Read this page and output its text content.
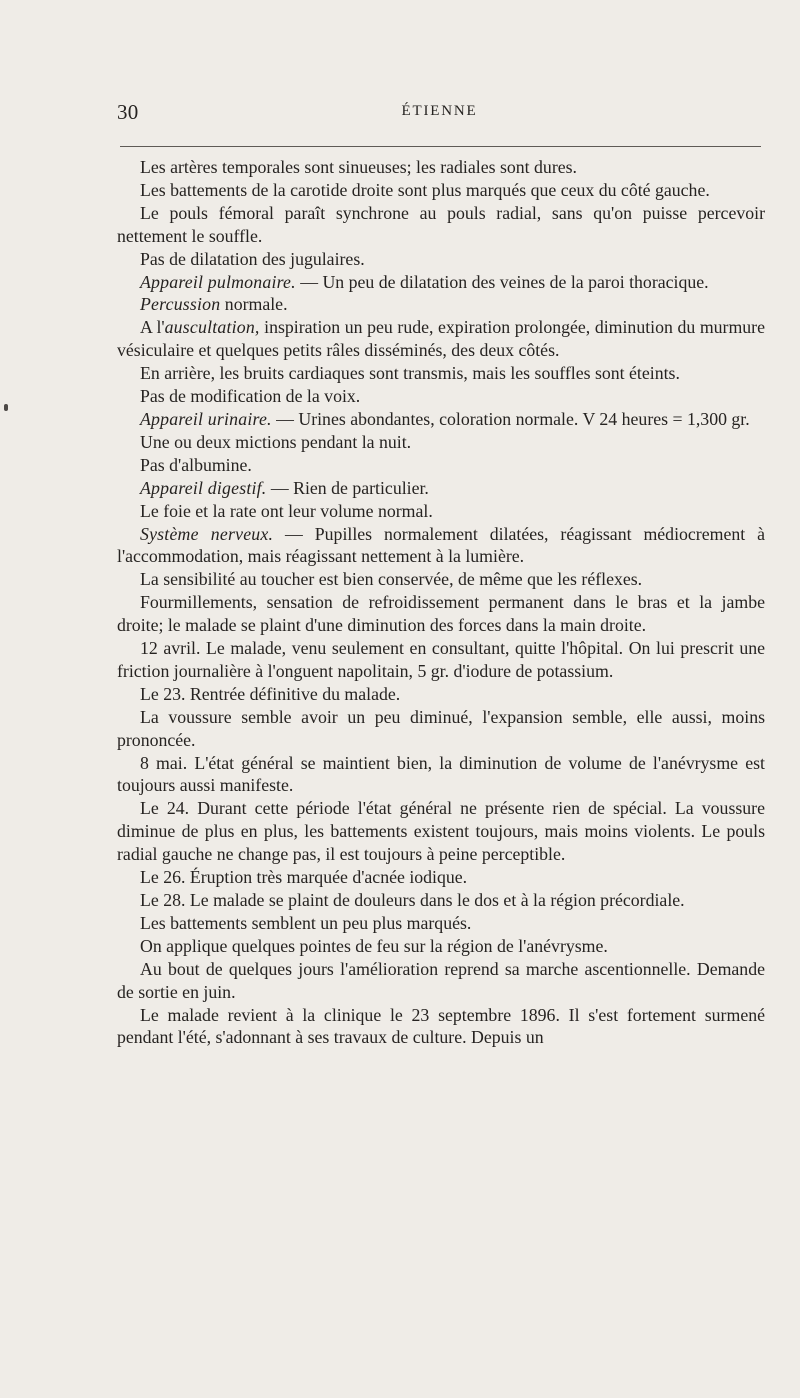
30	ÉTIENNE

Les artères temporales sont sinueuses; les radiales sont dures.

Les battements de la carotide droite sont plus marqués que ceux du côté gauche.

Le pouls fémoral paraît synchrone au pouls radial, sans qu'on puisse percevoir nettement le souffle.

Pas de dilatation des jugulaires.

Appareil pulmonaire. — Un peu de dilatation des veines de la paroi thoracique.

Percussion normale.

A l'auscultation, inspiration un peu rude, expiration prolongée, diminution du murmure vésiculaire et quelques petits râles disséminés, des deux côtés.

En arrière, les bruits cardiaques sont transmis, mais les souffles sont éteints.

Pas de modification de la voix.

Appareil urinaire. — Urines abondantes, coloration normale. V 24 heures = 1,300 gr.

Une ou deux mictions pendant la nuit.

Pas d'albumine.

Appareil digestif. — Rien de particulier.

Le foie et la rate ont leur volume normal.

Système nerveux. — Pupilles normalement dilatées, réagissant médiocrement à l'accommodation, mais réagissant nettement à la lumière.

La sensibilité au toucher est bien conservée, de même que les réflexes.

Fourmillements, sensation de refroidissement permanent dans le bras et la jambe droite; le malade se plaint d'une diminution des forces dans la main droite.

12 avril. Le malade, venu seulement en consultant, quitte l'hôpital. On lui prescrit une friction journalière à l'onguent napolitain, 5 gr. d'iodure de potassium.

Le 23. Rentrée définitive du malade.

La voussure semble avoir un peu diminué, l'expansion semble, elle aussi, moins prononcée.

8 mai. L'état général se maintient bien, la diminution de volume de l'anévrysme est toujours aussi manifeste.

Le 24. Durant cette période l'état général ne présente rien de spécial. La voussure diminue de plus en plus, les battements existent toujours, mais moins violents. Le pouls radial gauche ne change pas, il est toujours à peine perceptible.

Le 26. Éruption très marquée d'acnée iodique.

Le 28. Le malade se plaint de douleurs dans le dos et à la région précordiale.

Les battements semblent un peu plus marqués.

On applique quelques pointes de feu sur la région de l'anévrysme.

Au bout de quelques jours l'amélioration reprend sa marche ascentionnelle. Demande de sortie en juin.

Le malade revient à la clinique le 23 septembre 1896. Il s'est fortement surmené pendant l'été, s'adonnant à ses travaux de culture. Depuis un
